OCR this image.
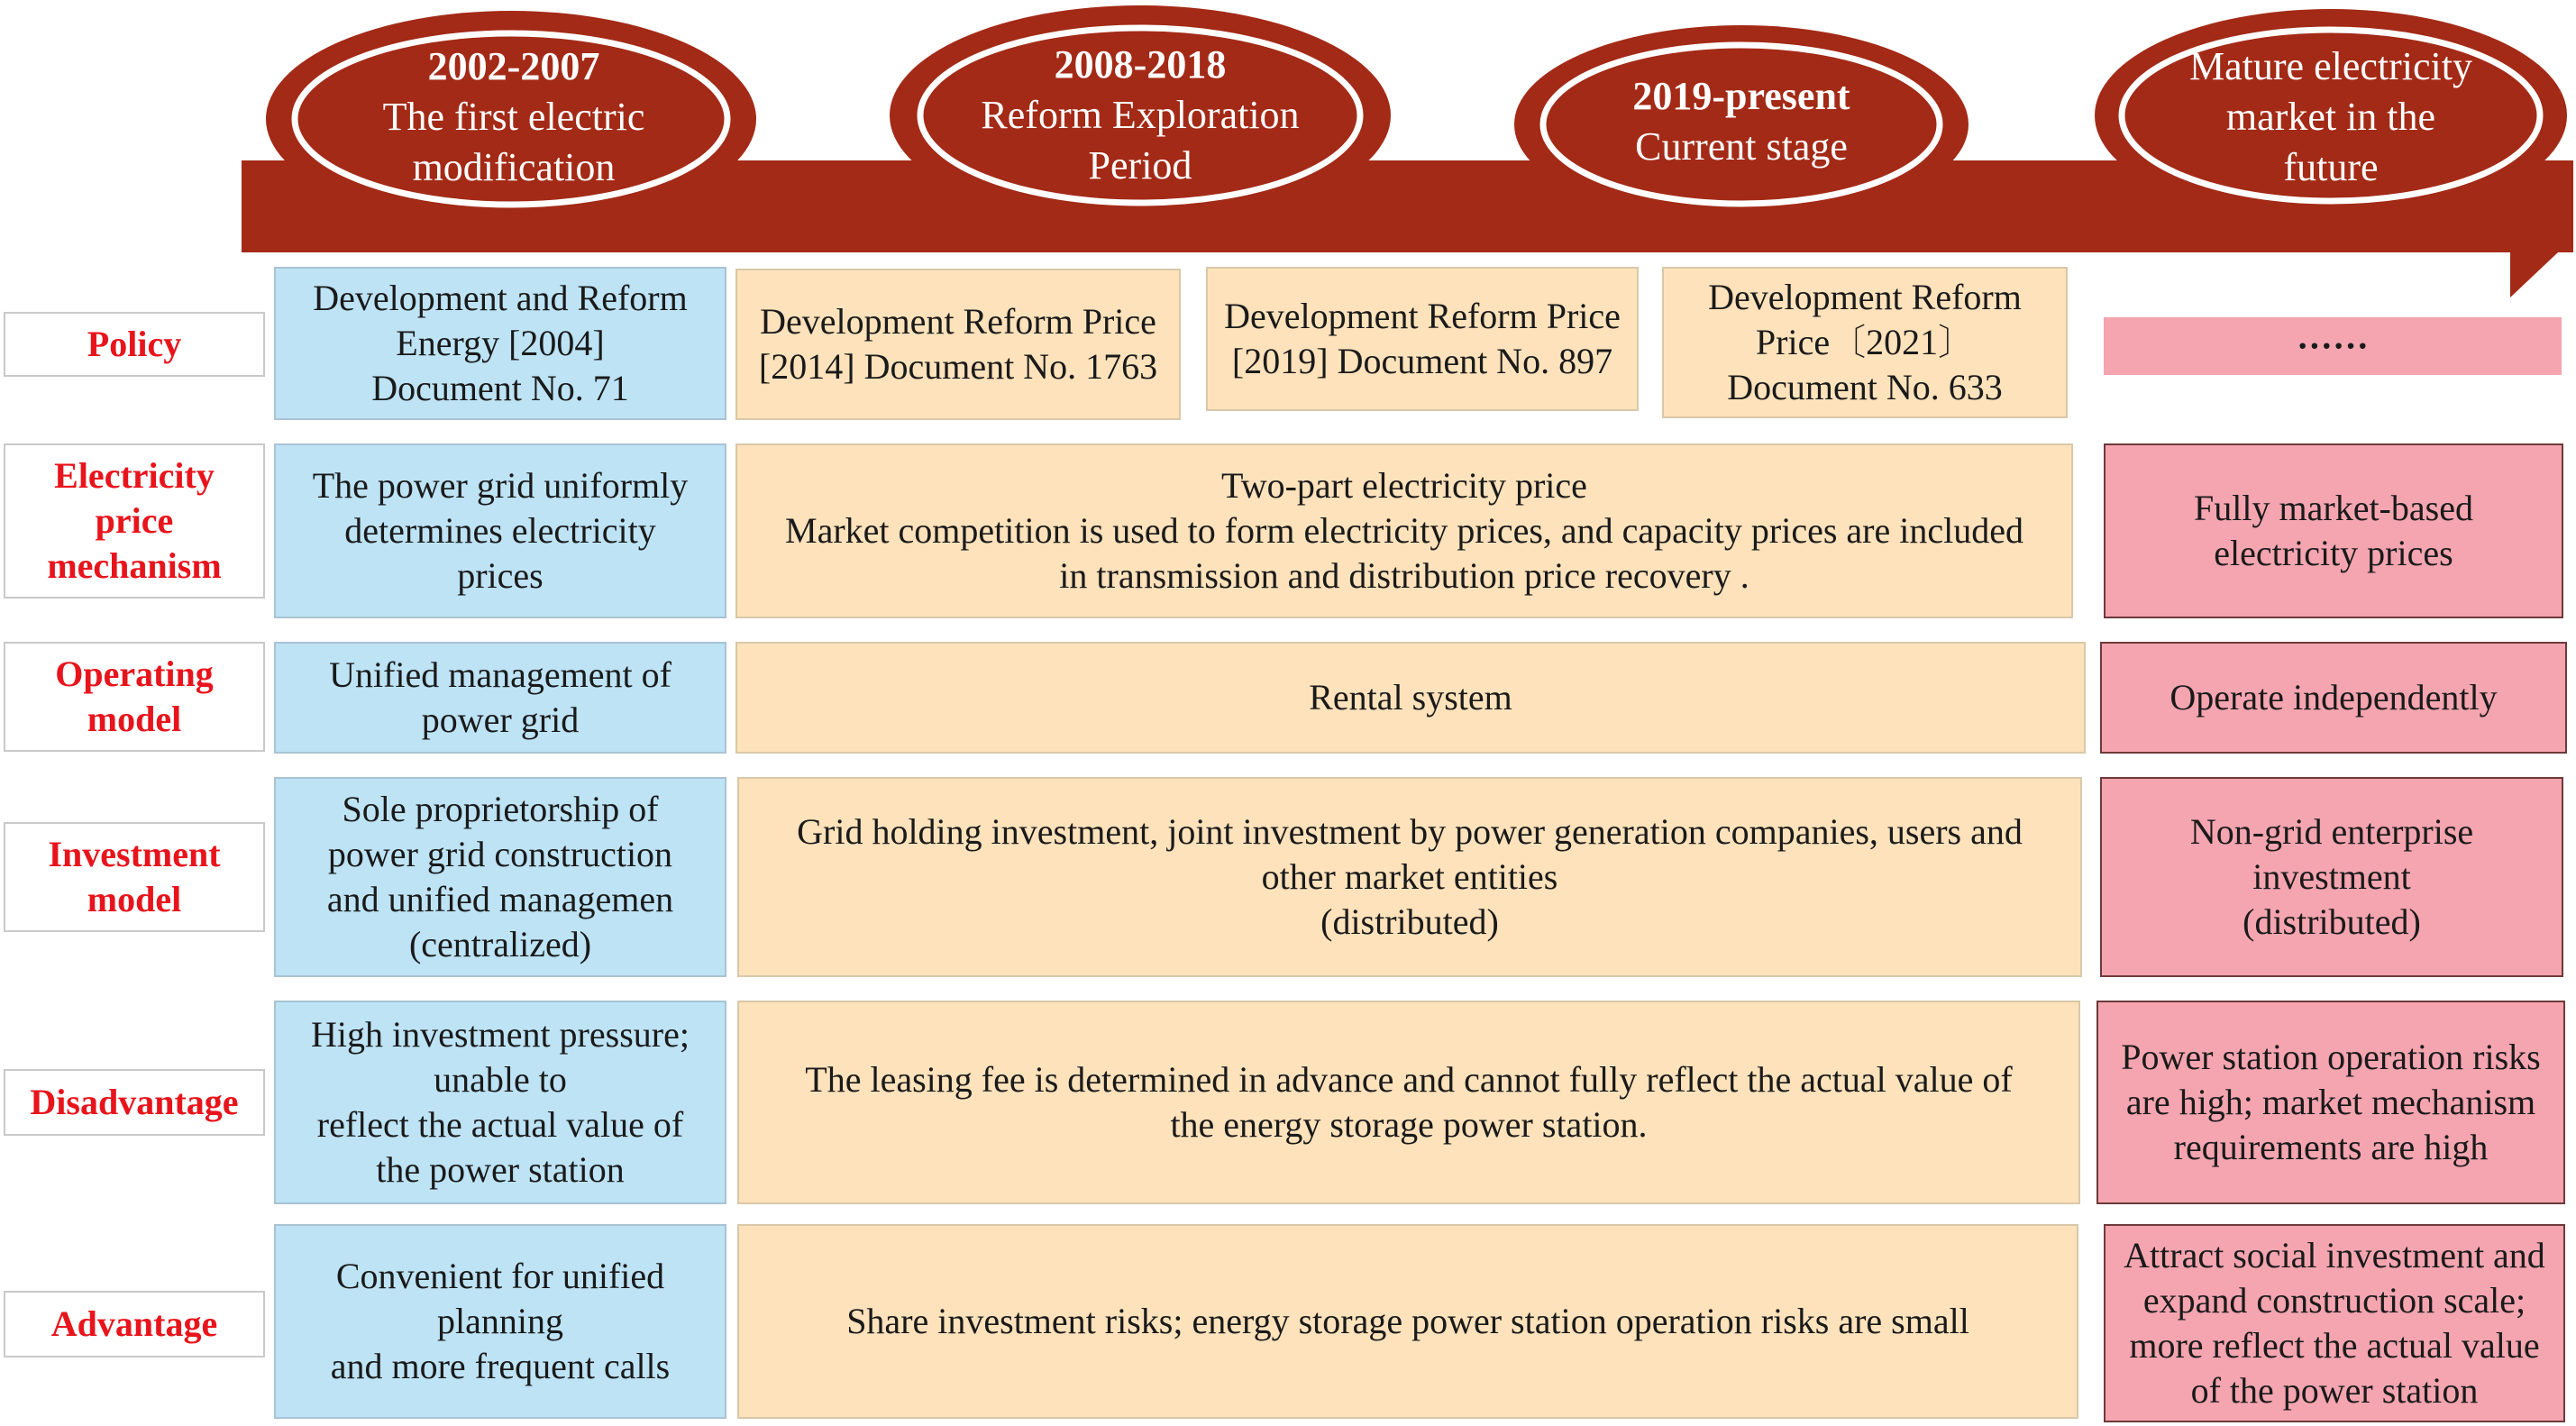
2002-2007
The first electric
modification
2008-2018
Reform Exploration
Period
2019-present
Current stage
Mature electricity
market in the
future
Policy
Development and Reform
Energy [2004]
Document No. 71
Development Reform Price
[2014] Document No. 1763
Development Reform Price
[2019] Document No. 897
Development Reform
Price〔2021〕
Document No. 633
······
Electricity
price
mechanism
The power grid uniformly
determines electricity
prices
Two-part electricity price
Market competition is used to form electricity prices, and capacity prices are included
in transmission and distribution price recovery .
Fully market-based
electricity prices
Operating
model
Unified management of
power grid
Rental system	Operate independently
Investment
model
Sole proprietorship of
power grid construction
and unified managemen
(centralized)
Grid holding investment, joint investment by power generation companies, users and
other market entities
(distributed)
Non-grid enterprise
investment
(distributed)
Disadvantage
High investment pressure;
unable to
reflect the actual value of
the power station
The leasing fee is determined in advance and cannot fully reflect the actual value of
the energy storage power station.
Power station operation risks
are high; market mechanism
requirements are high
Advantage
Convenient for unified
planning
and more frequent calls
Share investment risks; energy storage power station operation risks are small
Attract social investment and
expand construction scale;
more reflect the actual value
of the power station
